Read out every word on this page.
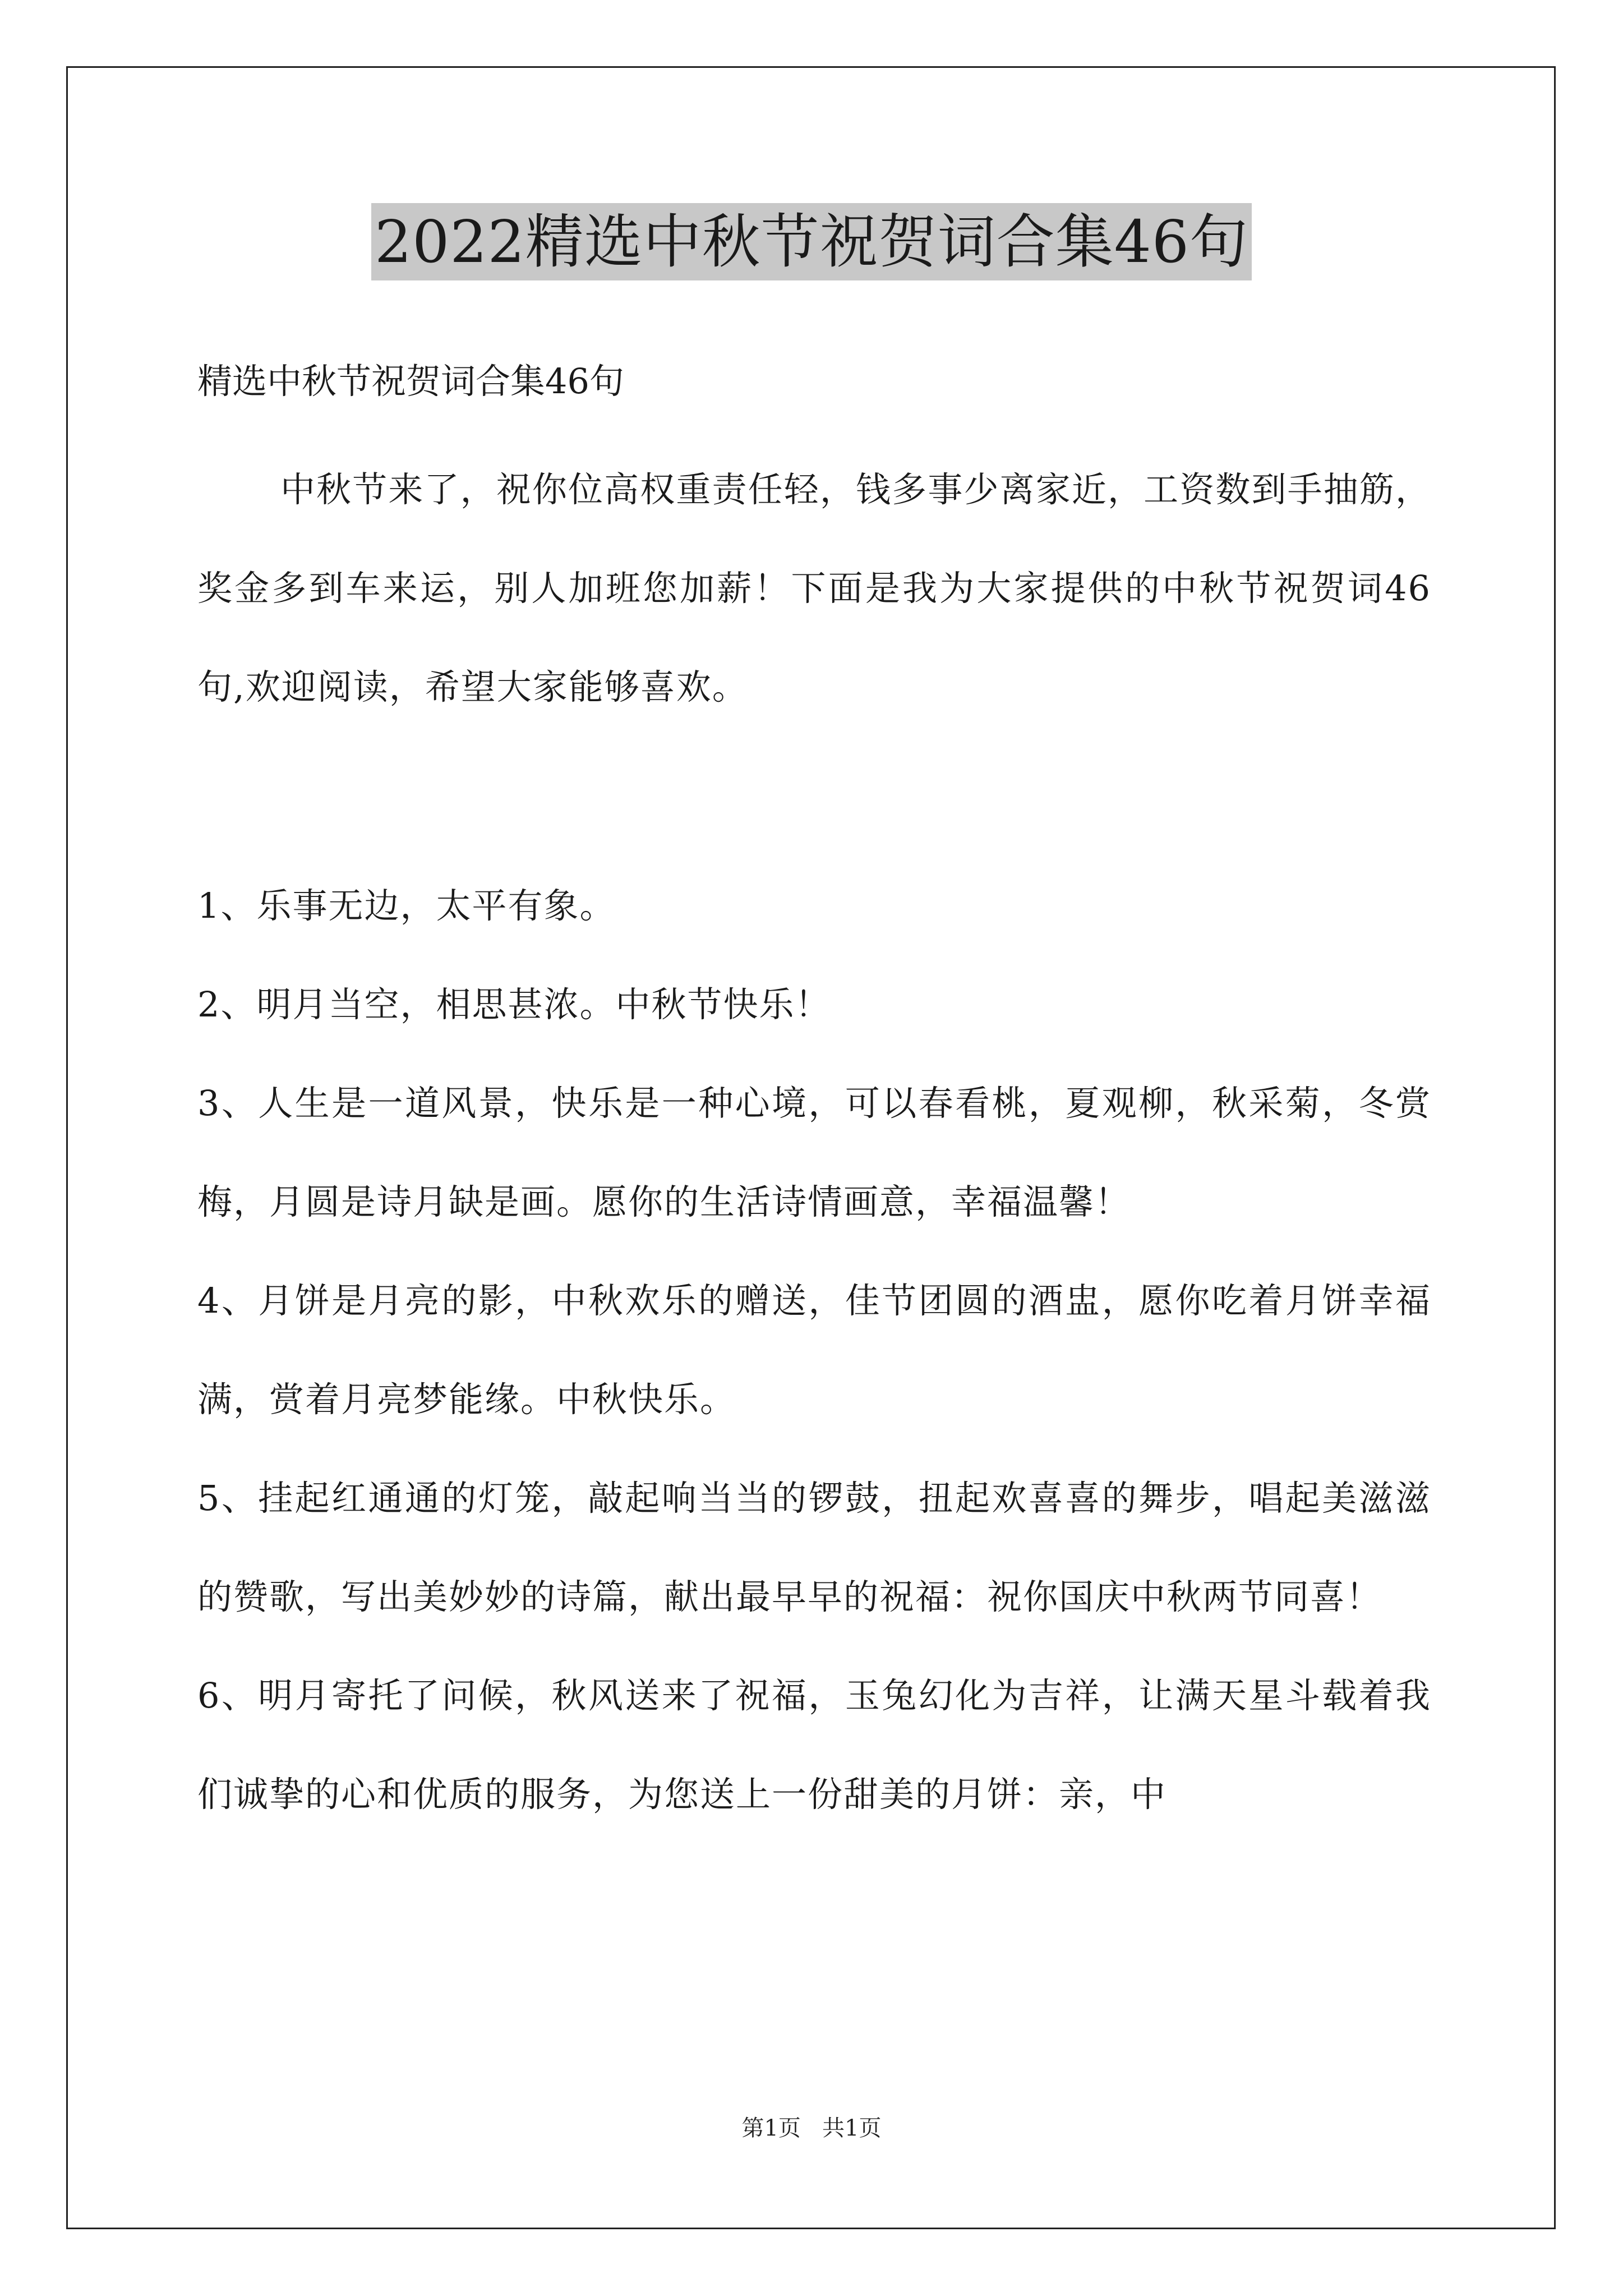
2022精选中秋节祝贺词合集46句
精选中秋节祝贺词合集46句
中秋节来了，祝你位高权重责任轻，钱多事少离家近，工资数到手抽筋，奖金多到车来运，别人加班您加薪！下面是我为大家提供的中秋节祝贺词46句,欢迎阅读，希望大家能够喜欢。
1、乐事无边，太平有象。
2、明月当空，相思甚浓。中秋节快乐！
3、人生是一道风景，快乐是一种心境，可以春看桃，夏观柳，秋采菊，冬赏梅，月圆是诗月缺是画。愿你的生活诗情画意，幸福温馨！
4、月饼是月亮的影，中秋欢乐的赠送，佳节团圆的酒盅，愿你吃着月饼幸福满，赏着月亮梦能缘。中秋快乐。
5、挂起红通通的灯笼，敲起响当当的锣鼓，扭起欢喜喜的舞步，唱起美滋滋的赞歌，写出美妙妙的诗篇，献出最早早的祝福：祝你国庆中秋两节同喜！
6、明月寄托了问候，秋风送来了祝福，玉兔幻化为吉祥，让满天星斗载着我们诚挚的心和优质的服务，为您送上一份甜美的月饼：亲，中
第1页   共1页
